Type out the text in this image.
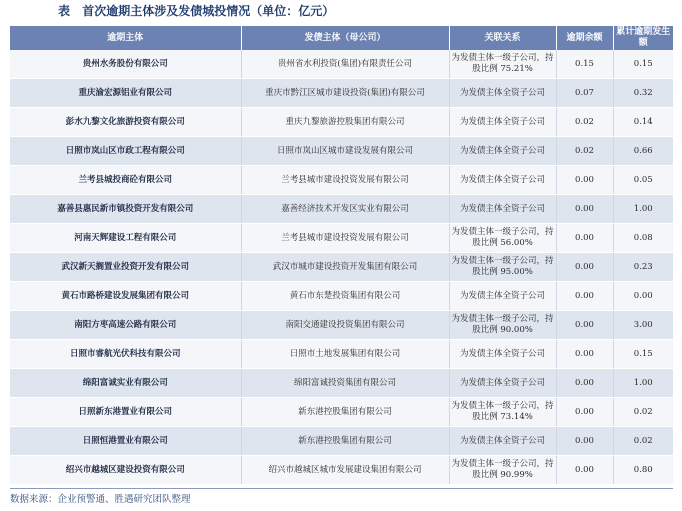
表 首次逾期主体涉及发债城投情况（单位：亿元）
逾期主体	发债主体（母公司）	关联关系	逾期余额	累计逾期发生额
贵州水务股份有限公司	贵州省水利投资(集团)有限责任公司	为发债主体一级子公司，持股比例 75.21%	0.15	0.15
重庆渝宏源铝业有限公司	重庆市黔江区城市建设投资(集团)有限公司	为发债主体全资子公司	0.07	0.32
彭水九黎文化旅游投资有限公司	重庆九黎旅游控股集团有限公司	为发债主体全资子公司	0.02	0.14
日照市岚山区市政工程有限公司	日照市岚山区城市建设发展有限公司	为发债主体全资子公司	0.02	0.66
兰考县城投商砼有限公司	兰考县城市建设投资发展有限公司	为发债主体全资子公司	0.00	0.05
嘉善县惠民新市镇投资开发有限公司	嘉善经济技术开发区实业有限公司	为发债主体全资子公司	0.00	1.00
河南天辉建设工程有限公司	兰考县城市建设投资发展有限公司	为发债主体一级子公司，持股比例 56.00%	0.00	0.08
武汉新天搁置业投资开发有限公司	武汉市城市建设投资开发集团有限公司	为发债主体一级子公司，持股比例 95.00%	0.00	0.23
黄石市路桥建设发展集团有限公司	黄石市东楚投资集团有限公司	为发债主体全资子公司	0.00	0.00
南阳方枣高速公路有限公司	南阳交通建设投资集团有限公司	为发债主体一级子公司，持股比例 90.00%	0.00	3.00
日照市睿航光伏科技有限公司	日照市土地发展集团有限公司	为发债主体全资子公司	0.00	0.15
绵阳富诚实业有限公司	绵阳富诚投资集团有限公司	为发债主体全资子公司	0.00	1.00
日照新东港置业有限公司	新东港控股集团有限公司	为发债主体一级子公司，持股比例 73.14%	0.00	0.02
日照恒港置业有限公司	新东港控股集团有限公司	为发债主体全资子公司	0.00	0.02
绍兴市越城区建设投资有限公司	绍兴市越城区城市发展建设集团有限公司	为发债主体一级子公司，持股比例 90.99%	0.00	0.80
数据来源：企业预警通、胜遇研究团队整理
